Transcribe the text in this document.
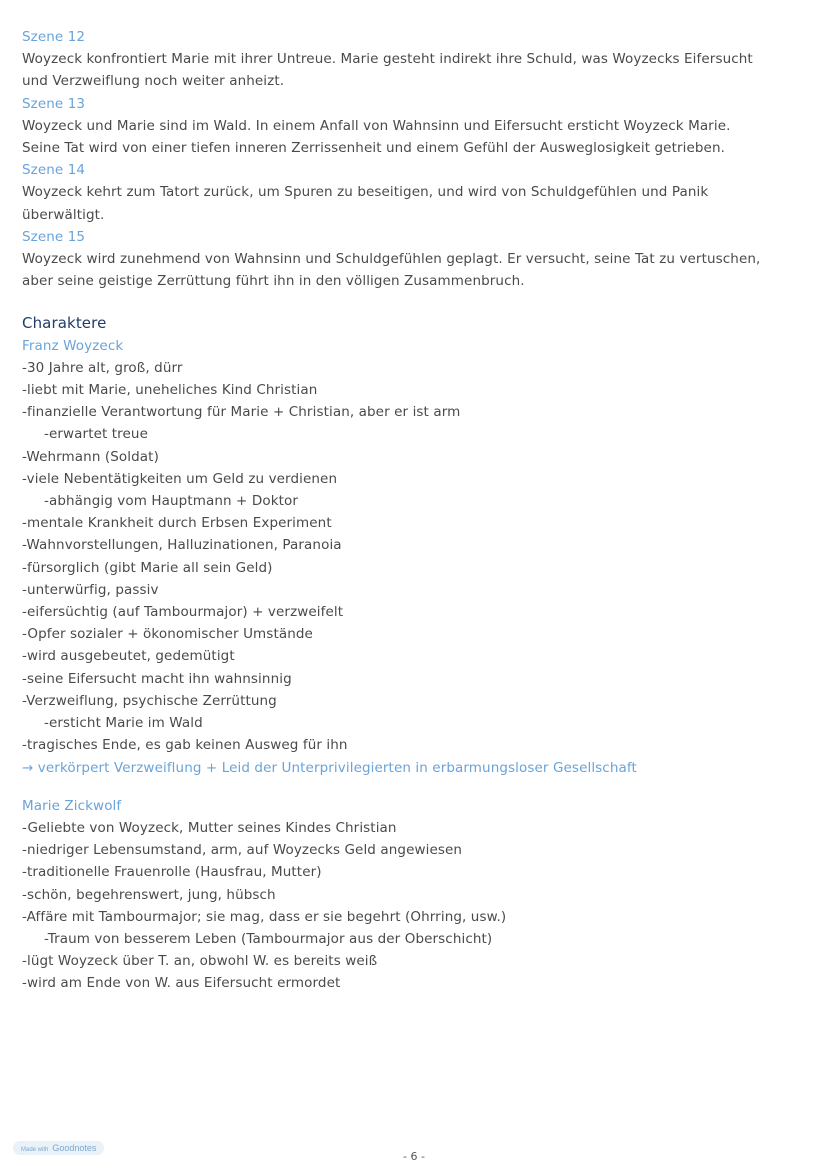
Szene 12
Woyzeck konfrontiert Marie mit ihrer Untreue. Marie gesteht indirekt ihre Schuld, was Woyzecks Eifersucht
und Verzweiflung noch weiter anheizt.
Szene 13
Woyzeck und Marie sind im Wald. In einem Anfall von Wahnsinn und Eifersucht ersticht Woyzeck Marie.
Seine Tat wird von einer tiefen inneren Zerrissenheit und einem Gefühl der Ausweglosigkeit getrieben.
Szene 14
Woyzeck kehrt zum Tatort zurück, um Spuren zu beseitigen, und wird von Schuldgefühlen und Panik
überwältigt.
Szene 15
Woyzeck wird zunehmend von Wahnsinn und Schuldgefühlen geplagt. Er versucht, seine Tat zu vertuschen,
aber seine geistige Zerrüttung führt ihn in den völligen Zusammenbruch.
Charaktere
Franz Woyzeck
-30 Jahre alt, groß, dürr
-liebt mit Marie, uneheliches Kind Christian
-finanzielle Verantwortung für Marie + Christian, aber er ist arm
-erwartet treue
-Wehrmann (Soldat)
-viele Nebentätigkeiten um Geld zu verdienen
-abhängig vom Hauptmann + Doktor
-mentale Krankheit durch Erbsen Experiment
-Wahnvorstellungen, Halluzinationen, Paranoia
-fürsorglich (gibt Marie all sein Geld)
-unterwürfig, passiv
-eifersüchtig (auf Tambourmajor) + verzweifelt
-Opfer sozialer + ökonomischer Umstände
-wird ausgebeutet, gedemütigt
-seine Eifersucht macht ihn wahnsinnig
-Verzweiflung, psychische Zerrüttung
-ersticht Marie im Wald
-tragisches Ende, es gab keinen Ausweg für ihn
→ verkörpert Verzweiflung + Leid der Unterprivilegierten in erbarmungsloser Gesellschaft
Marie Zickwolf
-Geliebte von Woyzeck, Mutter seines Kindes Christian
-niedriger Lebensumstand, arm, auf Woyzecks Geld angewiesen
-traditionelle Frauenrolle (Hausfrau, Mutter)
-schön, begehrenswert, jung, hübsch
-Affäre mit Tambourmajor; sie mag, dass er sie begehrt (Ohrring, usw.)
-Traum von besserem Leben (Tambourmajor aus der Oberschicht)
-lügt Woyzeck über T. an, obwohl W. es bereits weiß
-wird am Ende von W. aus Eifersucht ermordet
Made with Goodnotes
- 6 -
